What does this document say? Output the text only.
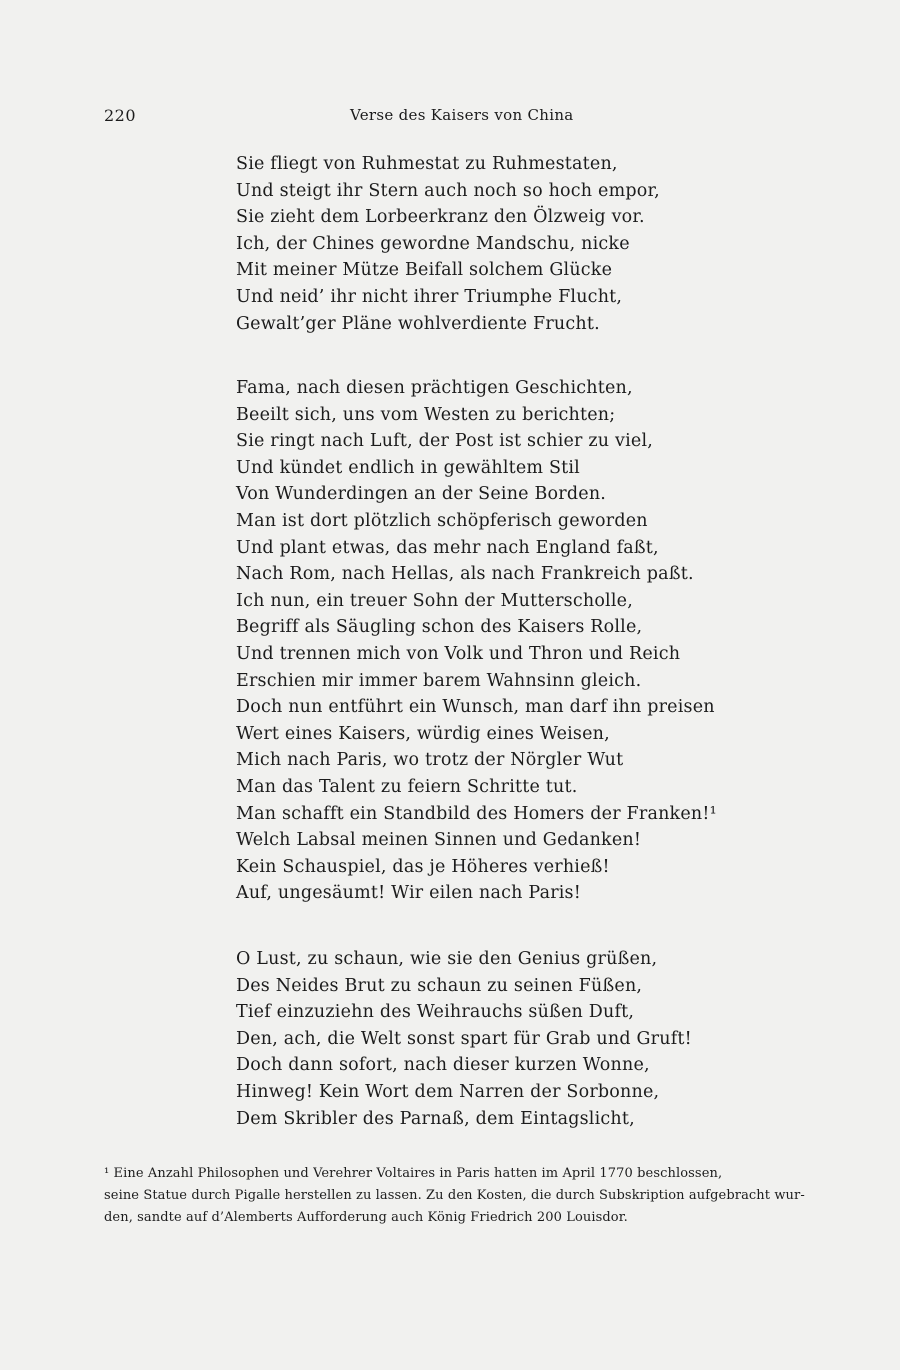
220	Verse des Kaisers von China
Sie fliegt von Ruhmestat zu Ruhmestaten,
Und steigt ihr Stern auch noch so hoch empor,
Sie zieht dem Lorbeerkranz den Ölzweig vor.
Ich, der Chines gewordne Mandschu, nicke
Mit meiner Mütze Beifall solchem Glücke
Und neid’ ihr nicht ihrer Triumphe Flucht,
Gewalt’ger Pläne wohlverdiente Frucht.
Fama, nach diesen prächtigen Geschichten,
Beeilt sich, uns vom Westen zu berichten;
Sie ringt nach Luft, der Post ist schier zu viel,
Und kündet endlich in gewähltem Stil
Von Wunderdingen an der Seine Borden.
Man ist dort plötzlich schöpferisch geworden
Und plant etwas, das mehr nach England faßt,
Nach Rom, nach Hellas, als nach Frankreich paßt.
Ich nun, ein treuer Sohn der Mutterscholle,
Begriff als Säugling schon des Kaisers Rolle,
Und trennen mich von Volk und Thron und Reich
Erschien mir immer barem Wahnsinn gleich.
Doch nun entführt ein Wunsch, man darf ihn preisen
Wert eines Kaisers, würdig eines Weisen,
Mich nach Paris, wo trotz der Nörgler Wut
Man das Talent zu feiern Schritte tut.
Man schafft ein Standbild des Homers der Franken!¹
Welch Labsal meinen Sinnen und Gedanken!
Kein Schauspiel, das je Höheres verhieß!
Auf, ungesäumt! Wir eilen nach Paris!
O Lust, zu schaun, wie sie den Genius grüßen,
Des Neides Brut zu schaun zu seinen Füßen,
Tief einzuziehn des Weihrauchs süßen Duft,
Den, ach, die Welt sonst spart für Grab und Gruft!
Doch dann sofort, nach dieser kurzen Wonne,
Hinweg! Kein Wort dem Narren der Sorbonne,
Dem Skribler des Parnaß, dem Eintagslicht,
¹ Eine Anzahl Philosophen und Verehrer Voltaires in Paris hatten im April 1770 beschlossen,
seine Statue durch Pigalle herstellen zu lassen. Zu den Kosten, die durch Subskription aufgebracht wur-
den, sandte auf d’Alemberts Aufforderung auch König Friedrich 200 Louisdor.
